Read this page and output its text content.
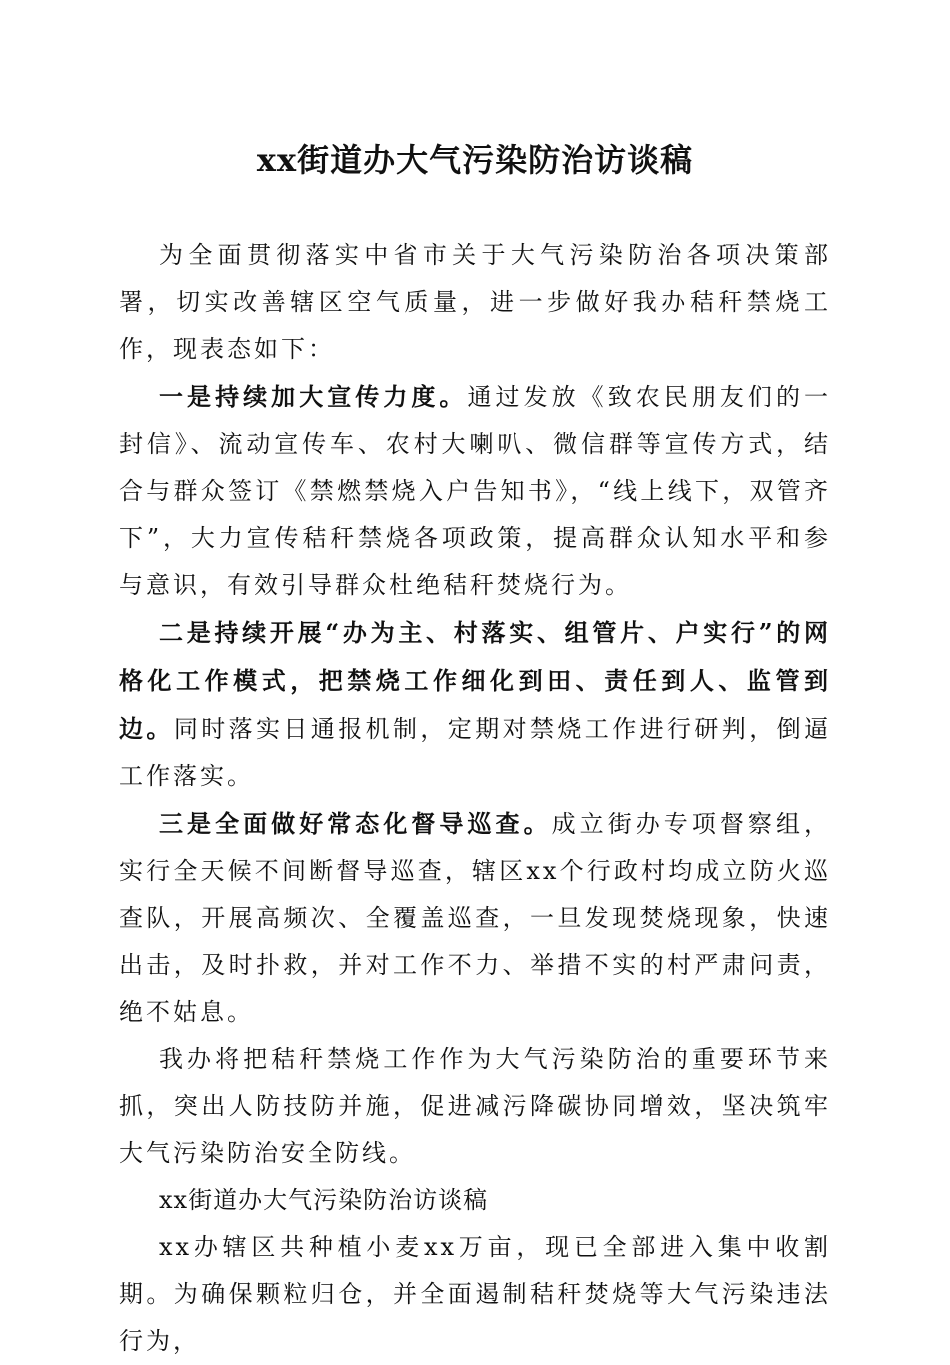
xx街道办大气污染防治访谈稿

为全面贯彻落实中省市关于大气污染防治各项决策部署，切实改善辖区空气质量，进一步做好我办秸秆禁烧工作，现表态如下：

一是持续加大宣传力度。通过发放《致农民朋友们的一封信》、流动宣传车、农村大喇叭、微信群等宣传方式，结合与群众签订《禁燃禁烧入户告知书》，“线上线下，双管齐下”，大力宣传秸秆禁烧各项政策，提高群众认知水平和参与意识，有效引导群众杜绝秸秆焚烧行为。

二是持续开展“办为主、村落实、组管片、户实行”的网格化工作模式，把禁烧工作细化到田、责任到人、监管到边。同时落实日通报机制，定期对禁烧工作进行研判，倒逼工作落实。

三是全面做好常态化督导巡查。成立街办专项督察组，实行全天候不间断督导巡查，辖区xx个行政村均成立防火巡查队，开展高频次、全覆盖巡查，一旦发现焚烧现象，快速出击，及时扑救，并对工作不力、举措不实的村严肃问责，绝不姑息。

我办将把秸秆禁烧工作作为大气污染防治的重要环节来抓，突出人防技防并施，促进减污降碳协同增效，坚决筑牢大气污染防治安全防线。

xx街道办大气污染防治访谈稿

xx办辖区共种植小麦xx万亩，现已全部进入集中收割期。为确保颗粒归仓，并全面遏制秸秆焚烧等大气污染违法行为，
